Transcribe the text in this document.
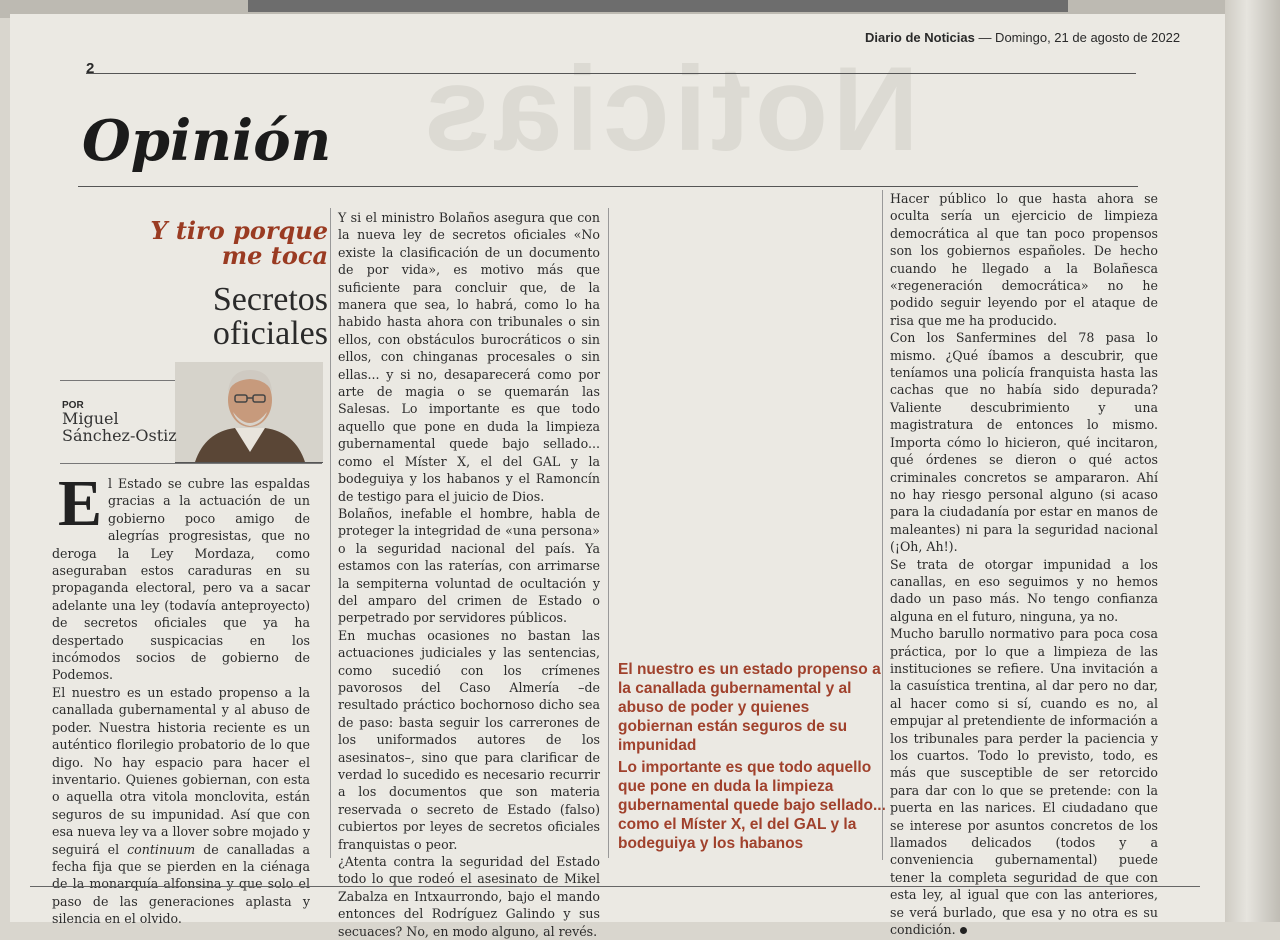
Noticias
2
Diario de Noticias — Domingo, 21 de agosto de 2022
Opinión
Y tiro porque
me toca
Secretos
oficiales
POR
Miguel
Sánchez-Ostiz

El Estado se cubre las espaldas gracias a la actuación de un gobierno poco amigo de alegrías progresistas, que no deroga la Ley Mordaza, como aseguraban estos caraduras en su propaganda electoral, pero va a sacar adelante una ley (todavía anteproyecto) de secretos oficiales que ya ha despertado suspicacias en los incómodos socios de gobierno de Podemos.

El nuestro es un estado propenso a la canallada gubernamental y al abuso de poder. Nuestra historia reciente es un auténtico florilegio probatorio de lo que digo. No hay espacio para hacer el inventario. Quienes gobiernan, con esta o aquella otra vitola monclovita, están seguros de su impunidad. Así que con esa nueva ley va a llover sobre mojado y seguirá el continuum de canalladas a fecha fija que se pierden en la ciénaga de la monarquía alfonsina y que solo el paso de las generaciones aplasta y silencia en el olvido.

Y si el ministro Bolaños asegura que con la nueva ley de secretos oficiales «No existe la clasificación de un documento de por vida», es motivo más que suficiente para concluir que, de la manera que sea, lo habrá, como lo ha habido hasta ahora con tribunales o sin ellos, con obstáculos burocráticos o sin ellos, con chinganas procesales o sin ellas... y si no, desaparecerá como por arte de magia o se quemarán las Salesas. Lo importante es que todo aquello que pone en duda la limpieza gubernamental quede bajo sellado... como el Míster X, el del GAL y la bodeguiya y los habanos y el Ramoncín de testigo para el juicio de Dios.

Bolaños, inefable el hombre, habla de proteger la integridad de «una persona» o la seguridad nacional del país. Ya estamos con las raterías, con arrimarse la sempiterna voluntad de ocultación y del amparo del crimen de Estado o perpetrado por servidores públicos.

En muchas ocasiones no bastan las actuaciones judiciales y las sentencias, como sucedió con los crímenes pavorosos del Caso Almería –de resultado práctico bochornoso dicho sea de paso: basta seguir los carrerones de los uniformados autores de los asesinatos–, sino que para clarificar de verdad lo sucedido es necesario recurrir a los documentos que son materia reservada o secreto de Estado (falso) cubiertos por leyes de secretos oficiales franquistas o peor.

¿Atenta contra la seguridad del Estado todo lo que rodeó el asesinato de Mikel Zabalza en Intxaurrondo, bajo el mando entonces del Rodríguez Galindo y sus secuaces? No, en modo alguno, al revés.

El nuestro es un estado propenso a la canallada gubernamental y al abuso de poder y quienes gobiernan están seguros de su impunidad
Lo importante es que todo aquello que pone en duda la limpieza gubernamental quede bajo sellado... como el Míster X, el del GAL y la bodeguiya y los habanos

Hacer público lo que hasta ahora se oculta sería un ejercicio de limpieza democrática al que tan poco propensos son los gobiernos españoles. De hecho cuando he llegado a la Bolañesca «regeneración democrática» no he podido seguir leyendo por el ataque de risa que me ha producido.

Con los Sanfermines del 78 pasa lo mismo. ¿Qué íbamos a descubrir, que teníamos una policía franquista hasta las cachas que no había sido depurada? Valiente descubrimiento y una magistratura de entonces lo mismo. Importa cómo lo hicieron, qué incitaron, qué órdenes se dieron o qué actos criminales concretos se ampararon. Ahí no hay riesgo personal alguno (si acaso para la ciudadanía por estar en manos de maleantes) ni para la seguridad nacional (¡Oh, Ah!).

Se trata de otorgar impunidad a los canallas, en eso seguimos y no hemos dado un paso más. No tengo confianza alguna en el futuro, ninguna, ya no.

Mucho barullo normativo para poca cosa práctica, por lo que a limpieza de las instituciones se refiere. Una invitación a la casuística trentina, al dar pero no dar, al hacer como si sí, cuando es no, al empujar al pretendiente de información a los tribunales para perder la paciencia y los cuartos. Todo lo previsto, todo, es más que susceptible de ser retorcido para dar con lo que se pretende: con la puerta en las narices. El ciudadano que se interese por asuntos concretos de los llamados delicados (todos y a conveniencia gubernamental) puede tener la completa seguridad de que con esta ley, al igual que con las anteriores, se verá burlado, que esa y no otra es su condición.
